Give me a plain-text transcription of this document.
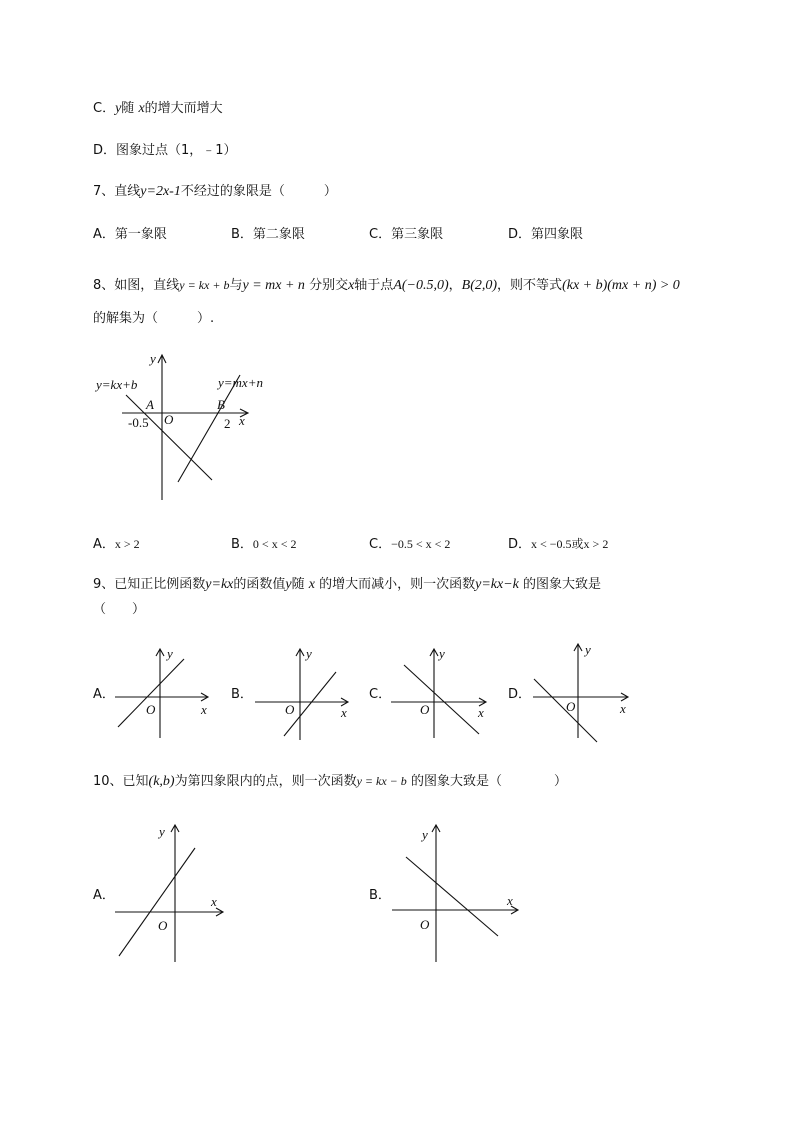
C．y随 x的增大而增大
D．图象过点（1，﹣1）
7、直线y=2x-1不经过的象限是（　　　）
A．第一象限	B．第二象限	C．第三象限	D．第四象限
8、如图，直线y = kx + b与y = mx + n 分别交x轴于点A(−0.5,0)，B(2,0)，则不等式(kx + b)(mx + n) > 0
的解集为（　　　）.
y
x
y=kx+b	y=mx+n
A	B
O
-0.5	2
A．x > 2	B．0 < x < 2	C．−0.5 < x < 2	D．x < −0.5或x > 2
9、已知正比例函数y=kx的函数值y随 x 的增大而减小，则一次函数y=kx−k 的图象大致是
（　　）
A．
y
x
O
B．
y
x
O
C．
y
x
O
D．
y
x
O
10、已知(k,b)为第四象限内的点，则一次函数y = kx − b 的图象大致是（　　　　）
A．
y
x
O
B．
y
x
O
